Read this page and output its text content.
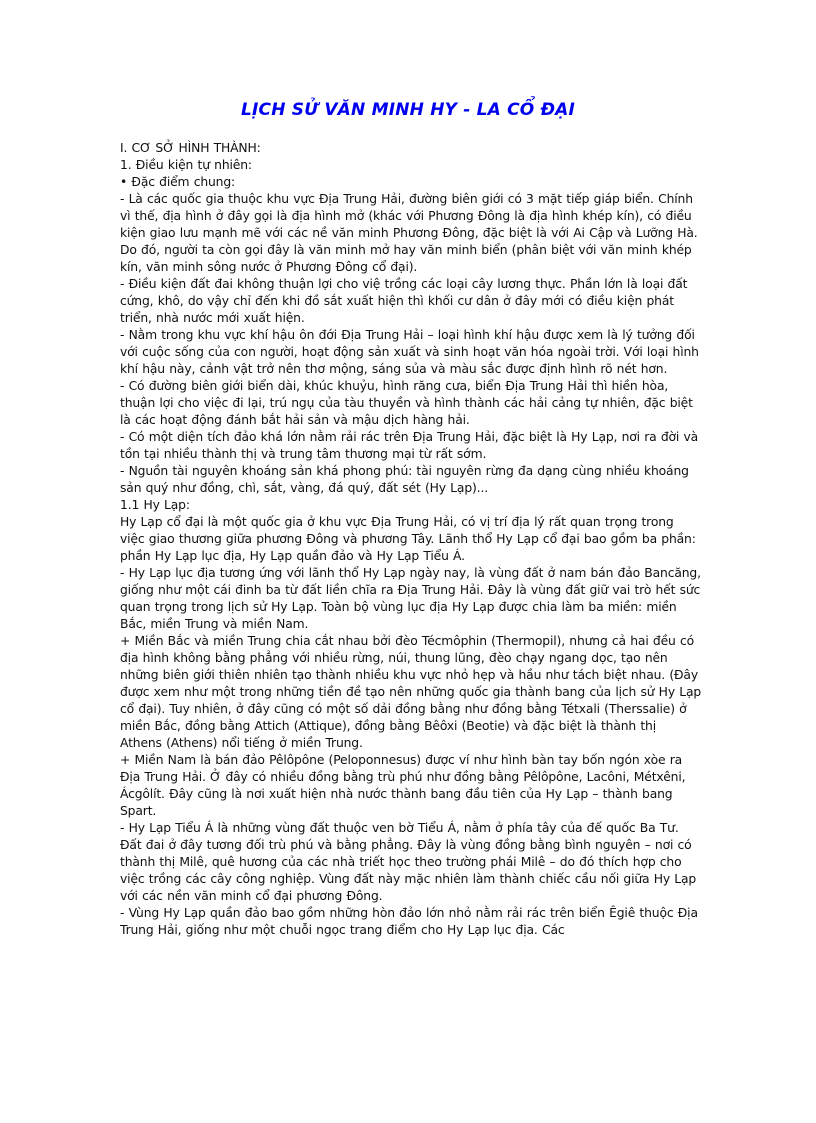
LỊCH SỬ VĂN MINH HY - LA CỔ ĐẠI

I. CƠ SỞ HÌNH THÀNH:

1. Điều kiện tự nhiên:

• Đặc điểm chung:

- Là các quốc gia thuộc khu vực Địa Trung Hải, đường biên giới có 3 mặt tiếp giáp biển. Chính vì thế, địa hình ở đây gọi là địa hình mở (khác với Phương Đông là địa hình khép kín), có điều kiện giao lưu mạnh mẽ với các nề văn minh Phương Đông, đặc biệt là với Ai Cập và Lưỡng Hà. Do đó, người ta còn gọi đây là văn minh mở hay văn minh biển (phân biệt với văn minh khép kín, văn minh sông nước ở Phương Đông cổ đại).

- Điều kiện đất đai không thuận lợi cho việ trồng các loại cây lương thực. Phần lớn là loại đất cứng, khô, do vậy chỉ đến khi đồ sắt xuất hiện thì khối cư dân ở đây mới có điều kiện phát triển, nhà nước mới xuất hiện.

- Nằm trong khu vực khí hậu ôn đới Địa Trung Hải – loại hình khí hậu được xem là lý tưởng đối với cuộc sống của con người, hoạt động sản xuất và sinh hoạt văn hóa ngoài trời. Với loại hình khí hậu này, cảnh vật trở nên thơ mộng, sáng sủa và màu sắc được định hình rõ nét hơn.

- Có đường biên giới biển dài, khúc khuỷu, hình răng cưa, biển Địa Trung Hải thì hiền hòa, thuận lợi cho việc đi lại, trú ngụ của tàu thuyền và hình thành các hải cảng tự nhiên, đặc biệt là các hoạt động đánh bắt hải sản và mậu dịch hàng hải.

- Có một diện tích đảo khá lớn nằm rải rác trên Địa Trung Hải, đặc biệt là Hy Lạp, nơi ra đời và tồn tại nhiều thành thị và trung tâm thương mại từ rất sớm.

- Nguồn tài nguyên khoáng sản khá phong phú: tài nguyên rừng đa dạng cùng nhiều khoáng sản quý như đồng, chì, sắt, vàng, đá quý, đất sét (Hy Lạp)...

1.1 Hy Lạp:

Hy Lạp cổ đại là một quốc gia ở khu vực Địa Trung Hải, có vị trí địa lý rất quan trọng trong việc giao thương giữa phương Đông và phương Tây. Lãnh thổ Hy Lạp cổ đại bao gồm ba phần: phần Hy Lạp lục địa, Hy Lạp quần đảo và Hy Lạp Tiểu Á.

- Hy Lạp lục địa tương ứng với lãnh thổ Hy Lạp ngày nay, là vùng đất ở nam bán đảo Bancăng, giống như một cái đinh ba từ đất liền chĩa ra Địa Trung Hải. Đây là vùng đất giữ vai trò hết sức quan trọng trong lịch sử Hy Lạp. Toàn bộ vùng lục địa Hy Lạp được chia làm ba miền: miền Bắc, miền Trung và miền Nam.

+ Miền Bắc và miền Trung chia cắt nhau bởi đèo Técmôphin (Thermopil), nhưng cả hai đều có địa hình không bằng phẳng với nhiều rừng, núi, thung lũng, đèo chạy ngang dọc, tạo nên những biên giới thiên nhiên tạo thành nhiều khu vực nhỏ hẹp và hầu như tách biệt nhau. (Đây được xem như một trong những tiền đề tạo nên những quốc gia thành bang của lịch sử Hy Lạp cổ đại). Tuy nhiên, ở đây cũng có một số dải đồng bằng như đồng bằng Tétxali (Therssalie) ở miền Bắc, đồng bằng Attich (Attique), đồng bằng Bêôxi (Beotie) và đặc biệt là thành thị Athens (Athens) nổi tiếng ở miền Trung.

+ Miền Nam là bán đảo Pêlôpône (Peloponnesus) được ví như hình bàn tay bốn ngón xòe ra Địa Trung Hải. Ở đây có nhiều đồng bằng trù phú như đồng bằng Pêlôpône, Lacôni, Métxêni, Ácgôlít. Đây cũng là nơi xuất hiện nhà nước thành bang đầu tiên của Hy Lạp – thành bang Spart.

- Hy Lạp Tiểu Á là những vùng đất thuộc ven bờ Tiểu Á, nằm ở phía tây của đế quốc Ba Tư. Đất đai ở đây tương đối trù phú và bằng phẳng. Đây là vùng đồng bằng bình nguyên – nơi có thành thị Milê, quê hương của các nhà triết học theo trường phái Milê – do đó thích hợp cho việc trồng các cây công nghiệp. Vùng đất này mặc nhiên làm thành chiếc cầu nối giữa Hy Lạp với các nền văn minh cổ đại phương Đông.

- Vùng Hy Lạp quần đảo bao gồm những hòn đảo lớn nhỏ nằm rải rác trên biển Êgiê thuộc Địa Trung Hải, giống như một chuỗi ngọc trang điểm cho Hy Lạp lục địa. Các
